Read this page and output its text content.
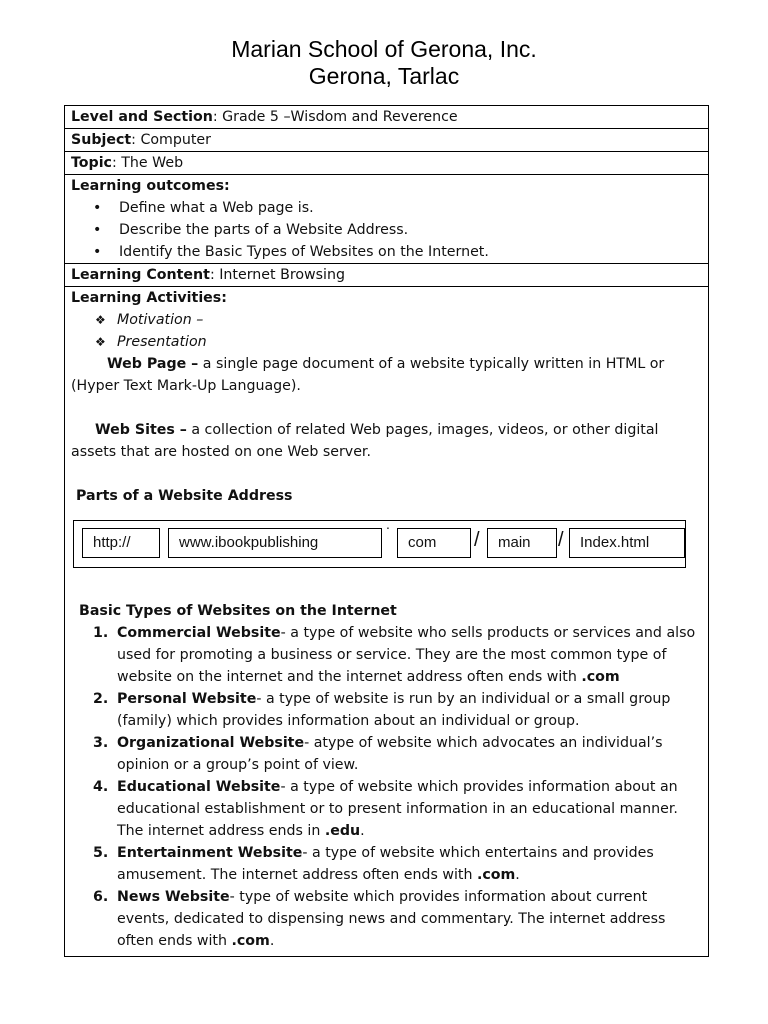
Marian School of Gerona, Inc.
Gerona, Tarlac
Level and Section: Grade 5 –Wisdom and Reverence
Subject: Computer
Topic: The Web

Learning outcomes:
• Define what a Web page is.
• Describe the parts of a Website Address.
• Identify the Basic Types of Websites on the Internet.

Learning Content: Internet Browsing

Learning Activities:
❖ Motivation –
❖ Presentation

Web Page – a single page document of a website typically written in HTML or (Hyper Text Mark-Up Language).

Web Sites – a collection of related Web pages, images, videos, or other digital assets that are hosted on one Web server.

Parts of a Website Address

http://	www.ibookpublishing
.
com	/	main	/	Index.html

Basic Types of Websites on the Internet

1. Commercial Website- a type of website who sells products or services and also used for promoting a business or service. They are the most common type of website on the internet and the internet address often ends with .com
2. Personal Website- a type of website is run by an individual or a small group (family) which provides information about an individual or group.
3. Organizational Website- atype of website which advocates an individual’s opinion or a group’s point of view.
4. Educational Website- a type of website which provides information about an educational establishment or to present information in an educational manner. The internet address ends in .edu.
5. Entertainment Website- a type of website which entertains and provides amusement. The internet address often ends with .com.
6. News Website- type of website which provides information about current events, dedicated to dispensing news and commentary. The internet address often ends with .com.
